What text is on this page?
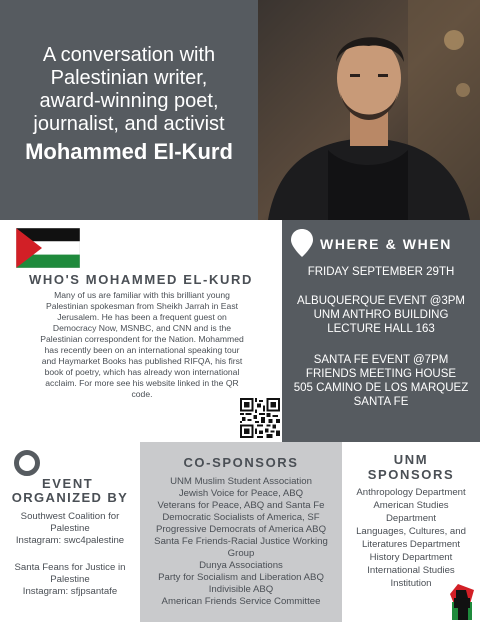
A conversation with
Palestinian writer,
award-winning poet,
journalist, and activist
Mohammed El-Kurd
WHO'S MOHAMMED EL-KURD
Many of us are familiar with this brilliant young
Palestinian spokesman from Sheikh Jarrah in East
Jerusalem. He has been a frequent guest on
Democracy Now, MSNBC, and CNN and is the
Palestinian correspondent for the Nation. Mohammed
has recently been on an international speaking tour
and Haymarket Books has published RIFQA, his first
book of poetry, which has already won international
acclaim. For more see his website linked in the QR
code.
WHERE & WHEN
FRIDAY SEPTEMBER 29TH
ALBUQUERQUE EVENT @3PM
UNM ANTHRO BUILDING
LECTURE HALL 163
SANTA FE EVENT @7PM
FRIENDS MEETING HOUSE
505 CAMINO DE LOS MARQUEZ
SANTA FE
EVENT
ORGANIZED BY
Southwest Coalition for
Palestine
Instagram: swc4palestine
Santa Feans for Justice in
Palestine
Instagram: sfjpsantafe
CO-SPONSORS
UNM Muslim Student Association
Jewish Voice for Peace, ABQ
Veterans for Peace, ABQ and Santa Fe
Democratic Socialists of America, SF
Progressive Democrats of America ABQ
Santa Fe Friends-Racial Justice Working
Group
Dunya Associations
Party for Socialism and Liberation ABQ
Indivisible ABQ
American Friends Service Committee
UNM
SPONSORS
Anthropology Department
American Studies
Department
Languages, Cultures, and
Literatures Department
History Department
International Studies
Institution
